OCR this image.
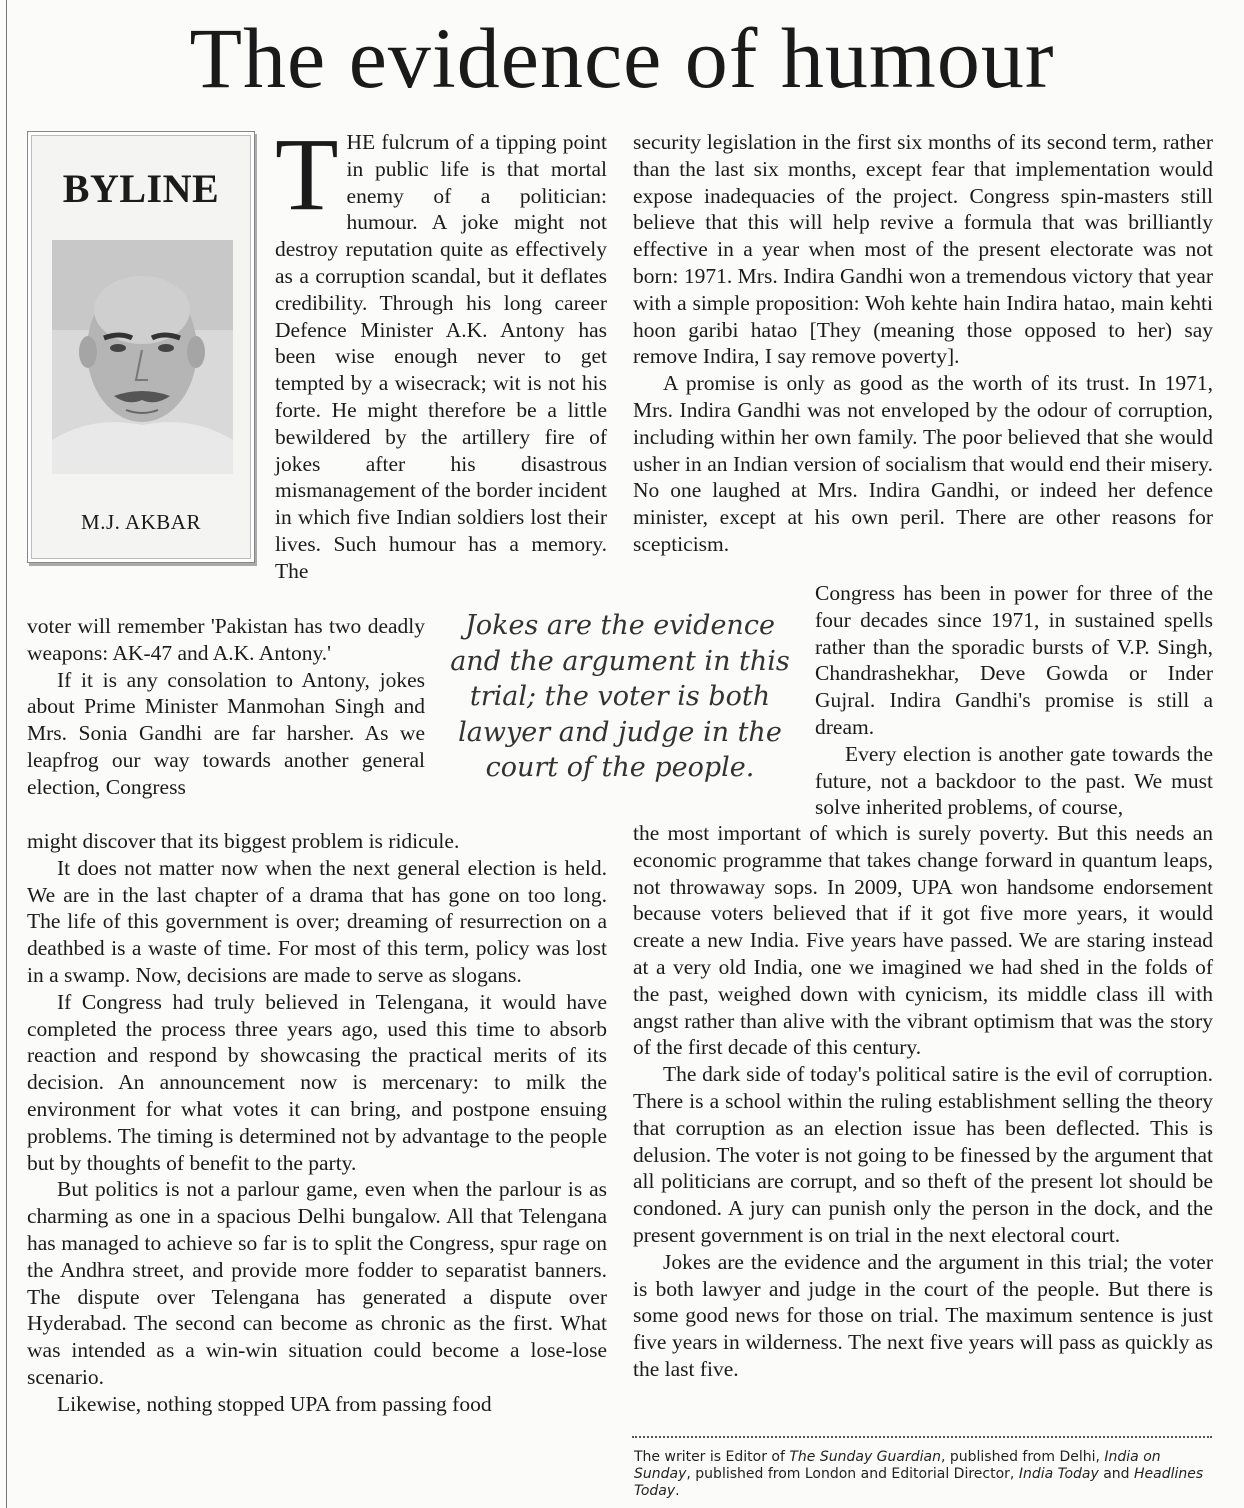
The evidence of humour
BYLINE
M.J. AKBAR

THE fulcrum of a tipping point in public life is that mortal enemy of a politician: humour. A joke might not destroy reputation quite as effectively as a corruption scandal, but it deflates credibility. Through his long career Defence Minister A.K. Antony has been wise enough never to get tempted by a wisecrack; wit is not his forte. He might therefore be a little bewildered by the artillery fire of jokes after his disastrous mismanagement of the border incident in which five Indian soldiers lost their lives. Such humour has a memory. The

voter will remember 'Pakistan has two deadly weapons: AK-47 and A.K. Antony.'

If it is any consolation to Antony, jokes about Prime Minister Manmohan Singh and Mrs. Sonia Gandhi are far harsher. As we leapfrog our way towards another general election, Congress

might discover that its biggest problem is ridicule.

It does not matter now when the next general election is held. We are in the last chapter of a drama that has gone on too long. The life of this government is over; dreaming of resurrection on a deathbed is a waste of time. For most of this term, policy was lost in a swamp. Now, decisions are made to serve as slogans.

If Congress had truly believed in Telengana, it would have completed the process three years ago, used this time to absorb reaction and respond by showcasing the practical merits of its decision. An announcement now is mercenary: to milk the environment for what votes it can bring, and postpone ensuing problems. The timing is determined not by advantage to the people but by thoughts of benefit to the party.

But politics is not a parlour game, even when the parlour is as charming as one in a spacious Delhi bungalow. All that Telengana has managed to achieve so far is to split the Congress, spur rage on the Andhra street, and provide more fodder to separatist banners. The dispute over Telengana has generated a dispute over Hyderabad. The second can become as chronic as the first. What was intended as a win-win situation could become a lose-lose scenario.

Likewise, nothing stopped UPA from passing food

Jokes are the evidence and the argument in this trial; the voter is both lawyer and judge in the court of the people.

security legislation in the first six months of its second term, rather than the last six months, except fear that implementation would expose inadequacies of the project. Congress spin-masters still believe that this will help revive a formula that was brilliantly effective in a year when most of the present electorate was not born: 1971. Mrs. Indira Gandhi won a tremendous victory that year with a simple proposition: Woh kehte hain Indira hatao, main kehti hoon garibi hatao [They (meaning those opposed to her) say remove Indira, I say remove poverty].

A promise is only as good as the worth of its trust. In 1971, Mrs. Indira Gandhi was not enveloped by the odour of corruption, including within her own family. The poor believed that she would usher in an Indian version of socialism that would end their misery. No one laughed at Mrs. Indira Gandhi, or indeed her defence minister, except at his own peril. There are other reasons for scepticism.

Congress has been in power for three of the four decades since 1971, in sustained spells rather than the sporadic bursts of V.P. Singh, Chandrashekhar, Deve Gowda or Inder Gujral. Indira Gandhi's promise is still a dream.

Every election is another gate towards the future, not a backdoor to the past. We must solve inherited problems, of course,

the most important of which is surely poverty. But this needs an economic programme that takes change forward in quantum leaps, not throwaway sops. In 2009, UPA won handsome endorsement because voters believed that if it got five more years, it would create a new India. Five years have passed. We are staring instead at a very old India, one we imagined we had shed in the folds of the past, weighed down with cynicism, its middle class ill with angst rather than alive with the vibrant optimism that was the story of the first decade of this century.

The dark side of today's political satire is the evil of corruption. There is a school within the ruling establishment selling the theory that corruption as an election issue has been deflected. This is delusion. The voter is not going to be finessed by the argument that all politicians are corrupt, and so theft of the present lot should be condoned. A jury can punish only the person in the dock, and the present government is on trial in the next electoral court.

Jokes are the evidence and the argument in this trial; the voter is both lawyer and judge in the court of the people. But there is some good news for those on trial. The maximum sentence is just five years in wilderness. The next five years will pass as quickly as the last five.

The writer is Editor of The Sunday Guardian, published from Delhi, India on Sunday, published from London and Editorial Director, India Today and Headlines Today.
